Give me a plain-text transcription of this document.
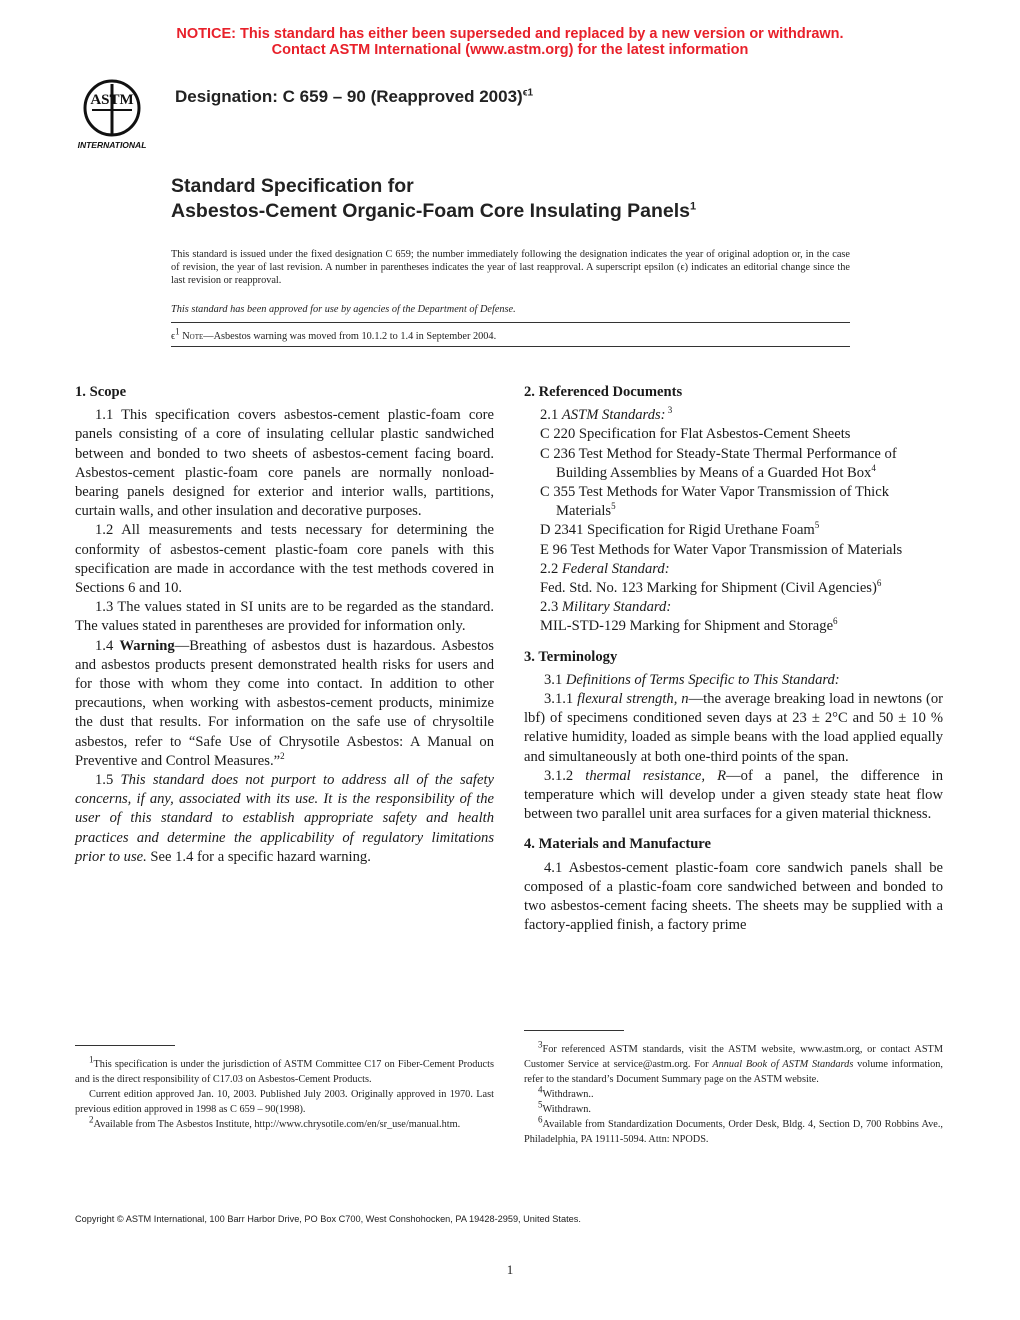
NOTICE: This standard has either been superseded and replaced by a new version or withdrawn.
Contact ASTM International (www.astm.org) for the latest information
ASTM
INTERNATIONAL
Designation: C 659 – 90 (Reapproved 2003)$^{\epsilon 1}$
Standard Specification for
Asbestos-Cement Organic-Foam Core Insulating Panels$^1$
This standard is issued under the fixed designation C 659; the number immediately following the designation indicates the year of original adoption or, in the case of revision, the year of last revision. A number in parentheses indicates the year of last reapproval. A superscript epsilon (ϵ) indicates an editorial change since the last revision or reapproval.
This standard has been approved for use by agencies of the Department of Defense.
$\epsilon^1$ Note—Asbestos warning was moved from 10.1.2 to 1.4 in September 2004.
1. Scope

1.1 This specification covers asbestos-cement plastic-foam core panels consisting of a core of insulating cellular plastic sandwiched between and bonded to two sheets of asbestos-cement facing board. Asbestos-cement plastic-foam core panels are normally nonload-bearing panels designed for exterior and interior walls, partitions, curtain walls, and other insulation and decorative purposes.

1.2 All measurements and tests necessary for determining the conformity of asbestos-cement plastic-foam core panels with this specification are made in accordance with the test methods covered in Sections 6 and 10.

1.3 The values stated in SI units are to be regarded as the standard. The values stated in parentheses are provided for information only.

1.4 Warning—Breathing of asbestos dust is hazardous. Asbestos and asbestos products present demonstrated health risks for users and for those with whom they come into contact. In addition to other precautions, when working with asbestos-cement products, minimize the dust that results. For information on the safe use of chrysoltile asbestos, refer to “Safe Use of Chrysotile Asbestos: A Manual on Preventive and Control Measures.”$^2$

1.5 This standard does not purport to address all of the safety concerns, if any, associated with its use. It is the responsibility of the user of this standard to establish appropriate safety and health practices and determine the applicability of regulatory limitations prior to use. See 1.4 for a specific hazard warning.

2. Referenced Documents

2.1 ASTM Standards: $^3$

C 220 Specification for Flat Asbestos-Cement Sheets

C 236 Test Method for Steady-State Thermal Performance of Building Assemblies by Means of a Guarded Hot Box$^4$

C 355 Test Methods for Water Vapor Transmission of Thick Materials$^5$

D 2341 Specification for Rigid Urethane Foam$^5$

E 96 Test Methods for Water Vapor Transmission of Materials

2.2 Federal Standard:

Fed. Std. No. 123 Marking for Shipment (Civil Agencies)$^6$

2.3 Military Standard:

MIL-STD-129 Marking for Shipment and Storage$^6$

3. Terminology

3.1 Definitions of Terms Specific to This Standard:

3.1.1 flexural strength, n—the average breaking load in newtons (or lbf) of specimens conditioned seven days at 23 ± 2°C and 50 ± 10 % relative humidity, loaded as simple beans with the load applied equally and simultaneously at both one-third points of the span.

3.1.2 thermal resistance, R—of a panel, the difference in temperature which will develop under a given steady state heat flow between two parallel unit area surfaces for a given material thickness.

4. Materials and Manufacture

4.1 Asbestos-cement plastic-foam core sandwich panels shall be composed of a plastic-foam core sandwiched between and bonded to two asbestos-cement facing sheets. The sheets may be supplied with a factory-applied finish, a factory prime

$^1$This specification is under the jurisdiction of ASTM Committee C17 on Fiber-Cement Products and is the direct responsibility of C17.03 on Asbestos-Cement Products.

Current edition approved Jan. 10, 2003. Published July 2003. Originally approved in 1970. Last previous edition approved in 1998 as C 659 – 90(1998).

$^2$Available from The Asbestos Institute, http://www.chrysotile.com/en/sr_use/manual.htm.

$^3$For referenced ASTM standards, visit the ASTM website, www.astm.org, or contact ASTM Customer Service at service@astm.org. For Annual Book of ASTM Standards volume information, refer to the standard’s Document Summary page on the ASTM website.

$^4$Withdrawn..

$^5$Withdrawn.

$^6$Available from Standardization Documents, Order Desk, Bldg. 4, Section D, 700 Robbins Ave., Philadelphia, PA 19111-5094. Attn: NPODS.

Copyright © ASTM International, 100 Barr Harbor Drive, PO Box C700, West Conshohocken, PA 19428-2959, United States.
1
